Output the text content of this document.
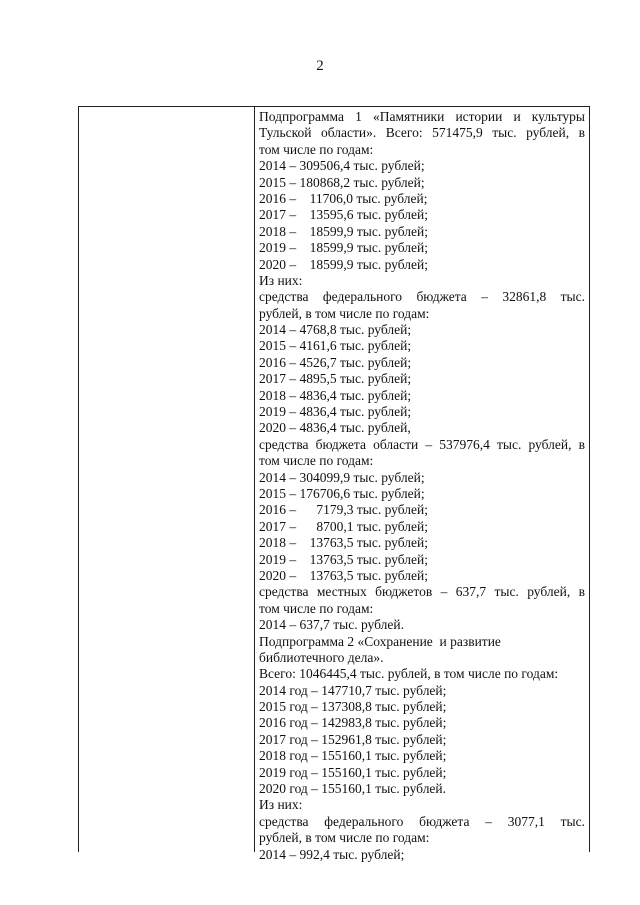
2
Подпрограмма 1 «Памятники истории и культуры
Тульской области». Всего: 571475,9 тыс. рублей, в
том числе по годам:
2014 – 309506,4 тыс. рублей;
2015 – 180868,2 тыс. рублей;
2016 –    11706,0 тыс. рублей;
2017 –    13595,6 тыс. рублей;
2018 –    18599,9 тыс. рублей;
2019 –    18599,9 тыс. рублей;
2020 –    18599,9 тыс. рублей;
Из них:
средства федерального бюджета – 32861,8 тыс.
рублей, в том числе по годам:
2014 – 4768,8 тыс. рублей;
2015 – 4161,6 тыс. рублей;
2016 – 4526,7 тыс. рублей;
2017 – 4895,5 тыс. рублей;
2018 – 4836,4 тыс. рублей;
2019 – 4836,4 тыс. рублей;
2020 – 4836,4 тыс. рублей,
средства бюджета области – 537976,4 тыс. рублей, в
том числе по годам:
2014 – 304099,9 тыс. рублей;
2015 – 176706,6 тыс. рублей;
2016 –      7179,3 тыс. рублей;
2017 –      8700,1 тыс. рублей;
2018 –    13763,5 тыс. рублей;
2019 –    13763,5 тыс. рублей;
2020 –    13763,5 тыс. рублей;
средства местных бюджетов – 637,7 тыс. рублей, в
том числе по годам:
2014 – 637,7 тыс. рублей.
Подпрограмма 2 «Сохранение  и развитие
библиотечного дела».
Всего: 1046445,4 тыс. рублей, в том числе по годам:
2014 год – 147710,7 тыс. рублей;
2015 год – 137308,8 тыс. рублей;
2016 год – 142983,8 тыс. рублей;
2017 год – 152961,8 тыс. рублей;
2018 год – 155160,1 тыс. рублей;
2019 год – 155160,1 тыс. рублей;
2020 год – 155160,1 тыс. рублей.
Из них:
средства федерального бюджета – 3077,1 тыс.
рублей, в том числе по годам:
2014 – 992,4 тыс. рублей;
